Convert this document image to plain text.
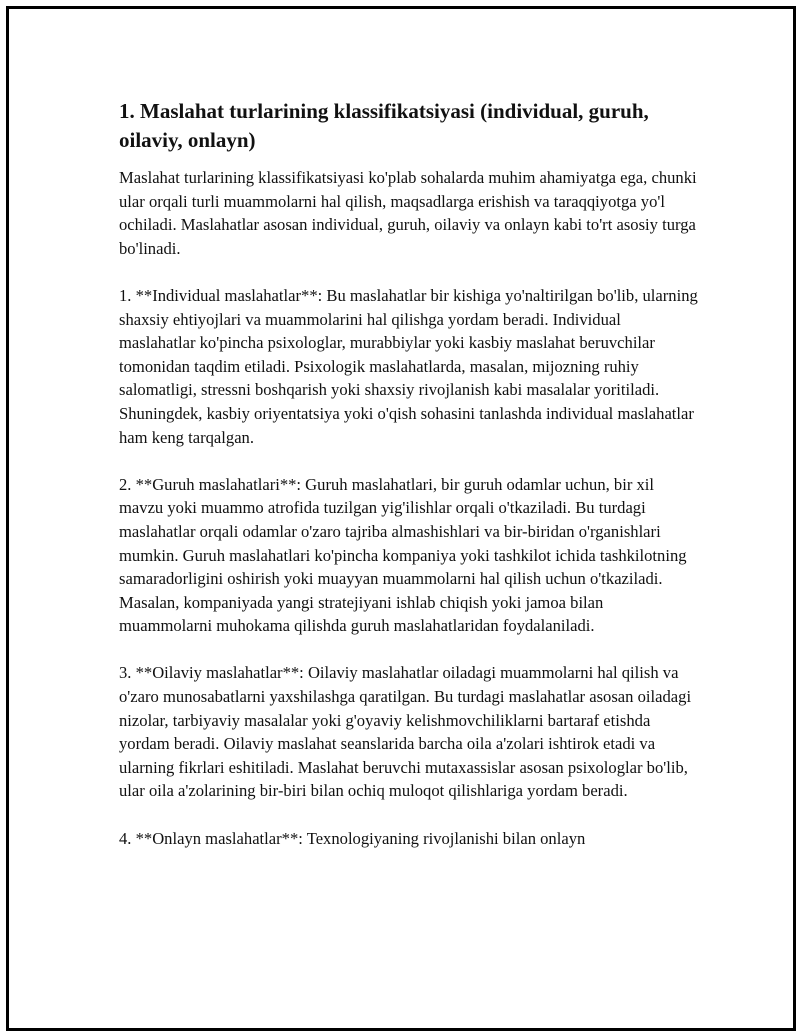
1. Maslahat turlarining klassifikatsiyasi (individual, guruh, oilaviy, onlayn)

Maslahat turlarining klassifikatsiyasi ko'plab sohalarda muhim ahamiyatga ega, chunki ular orqali turli muammolarni hal qilish, maqsadlarga erishish va taraqqiyotga yo'l ochiladi. Maslahatlar asosan individual, guruh, oilaviy va onlayn kabi to'rt asosiy turga bo'linadi.

1. **Individual maslahatlar**: Bu maslahatlar bir kishiga yo'naltirilgan bo'lib, ularning shaxsiy ehtiyojlari va muammolarini hal qilishga yordam beradi. Individual maslahatlar ko'pincha psixologlar, murabbiylar yoki kasbiy maslahat beruvchilar tomonidan taqdim etiladi. Psixologik maslahatlarda, masalan, mijozning ruhiy salomatligi, stressni boshqarish yoki shaxsiy rivojlanish kabi masalalar yoritiladi. Shuningdek, kasbiy oriyentatsiya yoki o'qish sohasini tanlashda individual maslahatlar ham keng tarqalgan.

2. **Guruh maslahatlari**: Guruh maslahatlari, bir guruh odamlar uchun, bir xil mavzu yoki muammo atrofida tuzilgan yig'ilishlar orqali o'tkaziladi. Bu turdagi maslahatlar orqali odamlar o'zaro tajriba almashishlari va bir-biridan o'rganishlari mumkin. Guruh maslahatlari ko'pincha kompaniya yoki tashkilot ichida tashkilotning samaradorligini oshirish yoki muayyan muammolarni hal qilish uchun o'tkaziladi. Masalan, kompaniyada yangi stratejiyani ishlab chiqish yoki jamoa bilan muammolarni muhokama qilishda guruh maslahatlaridan foydalaniladi.

3. **Oilaviy maslahatlar**: Oilaviy maslahatlar oiladagi muammolarni hal qilish va o'zaro munosabatlarni yaxshilashga qaratilgan. Bu turdagi maslahatlar asosan oiladagi nizolar, tarbiyaviy masalalar yoki g'oyaviy kelishmovchiliklarni bartaraf etishda yordam beradi. Oilaviy maslahat seanslarida barcha oila a'zolari ishtirok etadi va ularning fikrlari eshitiladi. Maslahat beruvchi mutaxassislar asosan psixologlar bo'lib, ular oila a'zolarining bir-biri bilan ochiq muloqot qilishlariga yordam beradi.

4. **Onlayn maslahatlar**: Texnologiyaning rivojlanishi bilan onlayn
